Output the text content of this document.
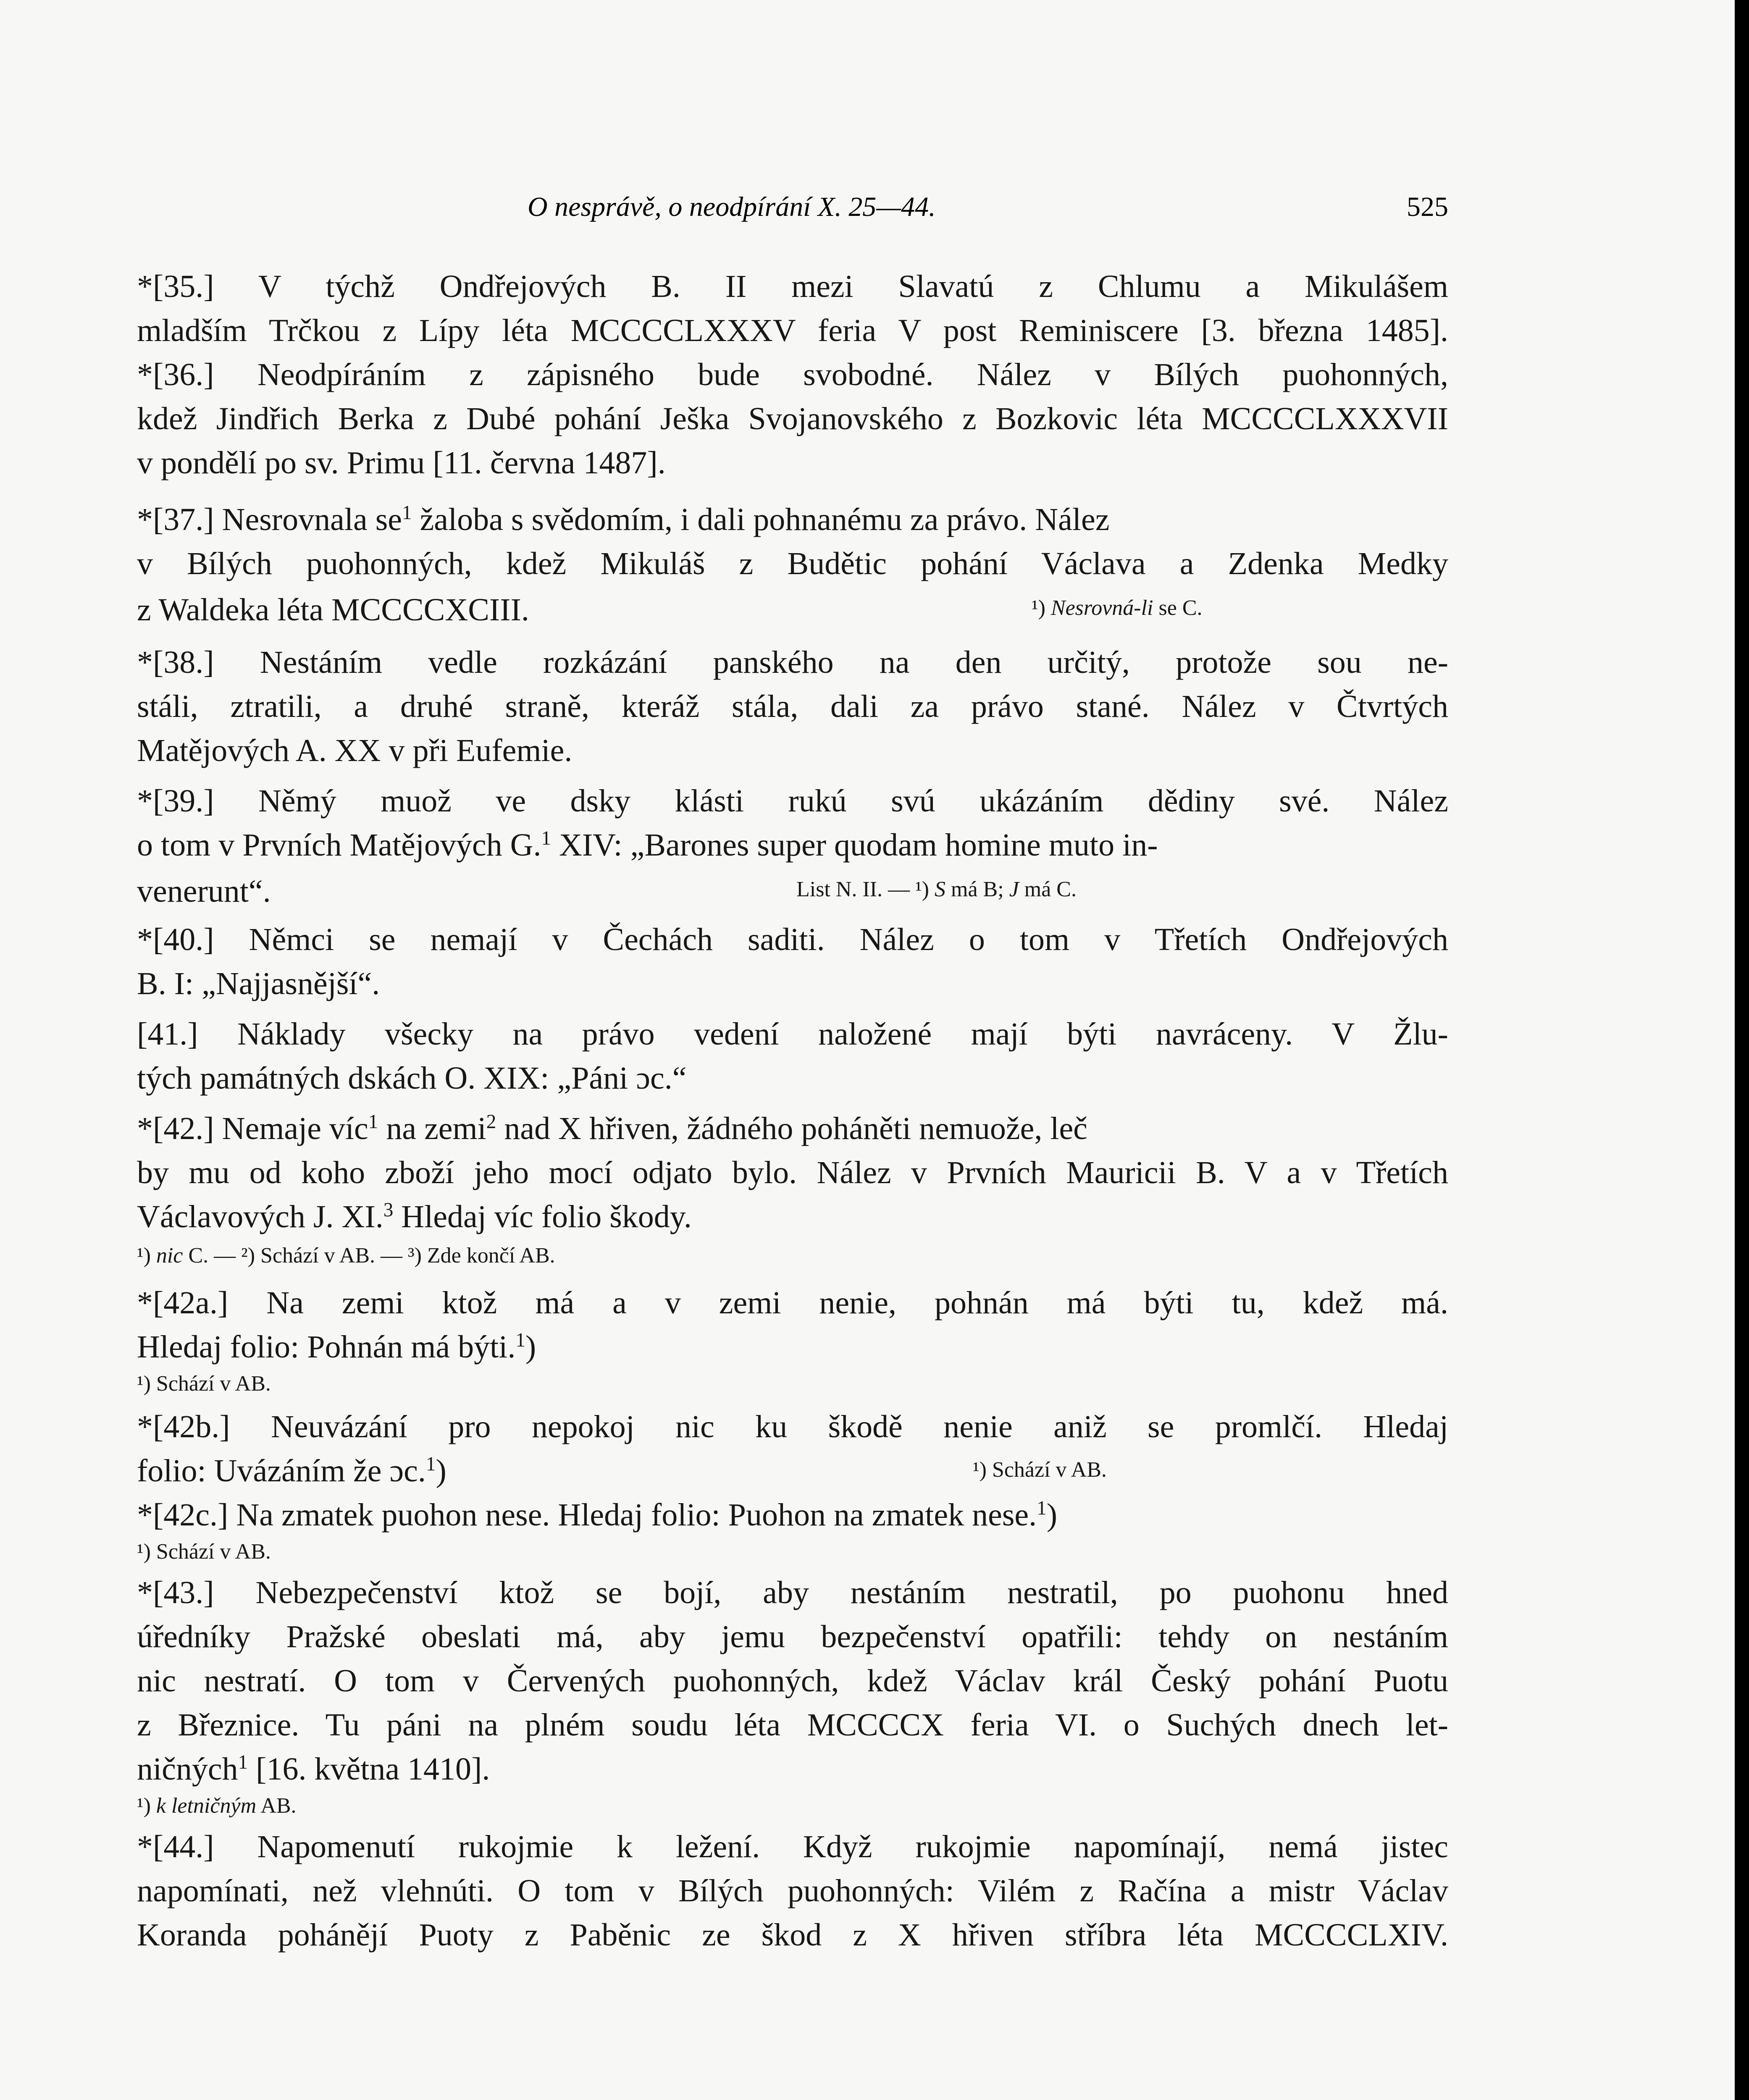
O nesprávě, o neodpírání X. 25—44.	525
*[35.] V týchž Ondřejových B. II mezi Slavatú z Chlumu a Mikulášem
mladším Trčkou z Lípy léta MCCCCLXXXV feria V post Reminiscere [3. března 1485].
*[36.] Neodpíráním z zápisného bude svobodné. Nález v Bílých puohonných,
kdež Jindřich Berka z Dubé pohání Ješka Svojanovského z Bozkovic léta MCCCCLXXXVII
v pondělí po sv. Primu [11. června 1487].
*[37.] Nesrovnala $se^1$ žaloba s svědomím, i dali pohnanému za právo. Nález
v Bílých puohonných, kdež Mikuláš z Budětic pohání Václava a Zdenka Medky
z Waldeka léta MCCCCXCIII.	¹) Nesrovná-li se C.
*[38.] Nestáním vedle rozkázání panského na den určitý, protože sou ne-
stáli, ztratili, a druhé straně, kteráž stála, dali za právo stané. Nález v Čtvrtých
Matějových A. XX v při Eufemie.
*[39.] Němý muož ve dsky klásti rukú svú ukázáním dědiny své. Nález
o tom v Prvních Matějových G.$^1$ XIV: „Barones super quodam homine muto in-
venerunt“.	List N. II. — ¹) S má B; J má C.
*[40.] Němci se nemají v Čechách saditi. Nález o tom v Třetích Ondřejových
B. I: „Najjasnější“.
[41.] Náklady všecky na právo vedení naložené mají býti navráceny. V Žlu-
tých památných dskách O. XIX: „Páni ɔc.“
*[42.] Nemaje víc$^1$ na zemi$^2$ nad X hřiven, žádného poháněti nemuože, leč
by mu od koho zboží jeho mocí odjato bylo. Nález v Prvních Mauricii B. V a v Třetích
Václavových J. XI.$^3$ Hledaj víc folio škody.
¹) nic C. — ²) Schází v AB. — ³) Zde končí AB.
*[42a.] Na zemi ktož má a v zemi nenie, pohnán má býti tu, kdež má.
Hledaj folio: Pohnán má býti.$^1$)
¹) Schází v AB.
*[42b.] Neuvázání pro nepokoj nic ku škodě nenie aniž se promlčí. Hledaj
folio: Uvázáním že ɔc.$^1$)	¹) Schází v AB.
*[42c.] Na zmatek puohon nese. Hledaj folio: Puohon na zmatek nese.$^1$)
¹) Schází v AB.
*[43.] Nebezpečenství ktož se bojí, aby nestáním nestratil, po puohonu hned
úředníky Pražské obeslati má, aby jemu bezpečenství opatřili: tehdy on nestáním
nic nestratí. O tom v Červených puohonných, kdež Václav král Český pohání Puotu
z Březnice. Tu páni na plném soudu léta MCCCCX feria VI. o Suchých dnech let-
ničných$^1$ [16. května 1410].
¹) k letničným AB.
*[44.] Napomenutí rukojmie k ležení. Když rukojmie napomínají, nemá jistec
napomínati, než vlehnúti. O tom v Bílých puohonných: Vilém z Račína a mistr Václav
Koranda pohánějí Puoty z Paběnic ze škod z X hřiven stříbra léta MCCCCLXIV.
